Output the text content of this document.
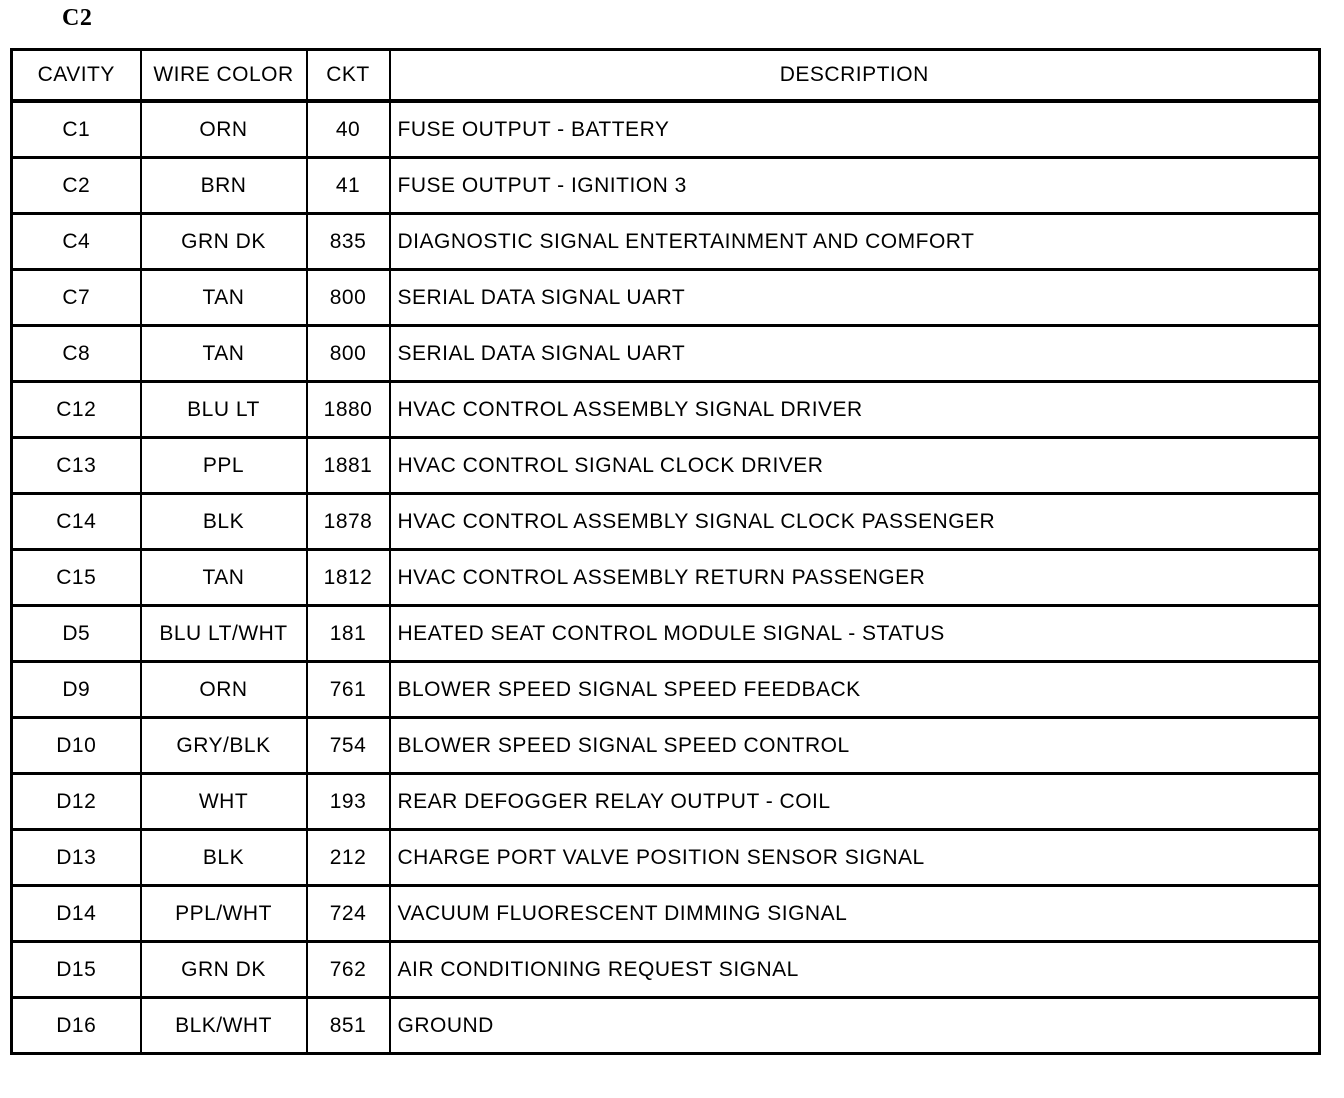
C2
CAVITY	WIRE COLOR	CKT	DESCRIPTION
C1	ORN	40	FUSE OUTPUT - BATTERY
C2	BRN	41	FUSE OUTPUT - IGNITION 3
C4	GRN DK	835	DIAGNOSTIC SIGNAL ENTERTAINMENT AND COMFORT
C7	TAN	800	SERIAL DATA SIGNAL UART
C8	TAN	800	SERIAL DATA SIGNAL UART
C12	BLU LT	1880	HVAC CONTROL ASSEMBLY SIGNAL DRIVER
C13	PPL	1881	HVAC CONTROL SIGNAL CLOCK DRIVER
C14	BLK	1878	HVAC CONTROL ASSEMBLY SIGNAL CLOCK PASSENGER
C15	TAN	1812	HVAC CONTROL ASSEMBLY RETURN PASSENGER
D5	BLU LT/WHT	181	HEATED SEAT CONTROL MODULE SIGNAL - STATUS
D9	ORN	761	BLOWER SPEED SIGNAL SPEED FEEDBACK
D10	GRY/BLK	754	BLOWER SPEED SIGNAL SPEED CONTROL
D12	WHT	193	REAR DEFOGGER RELAY OUTPUT - COIL
D13	BLK	212	CHARGE PORT VALVE POSITION SENSOR SIGNAL
D14	PPL/WHT	724	VACUUM FLUORESCENT DIMMING SIGNAL
D15	GRN DK	762	AIR CONDITIONING REQUEST SIGNAL
D16	BLK/WHT	851	GROUND
